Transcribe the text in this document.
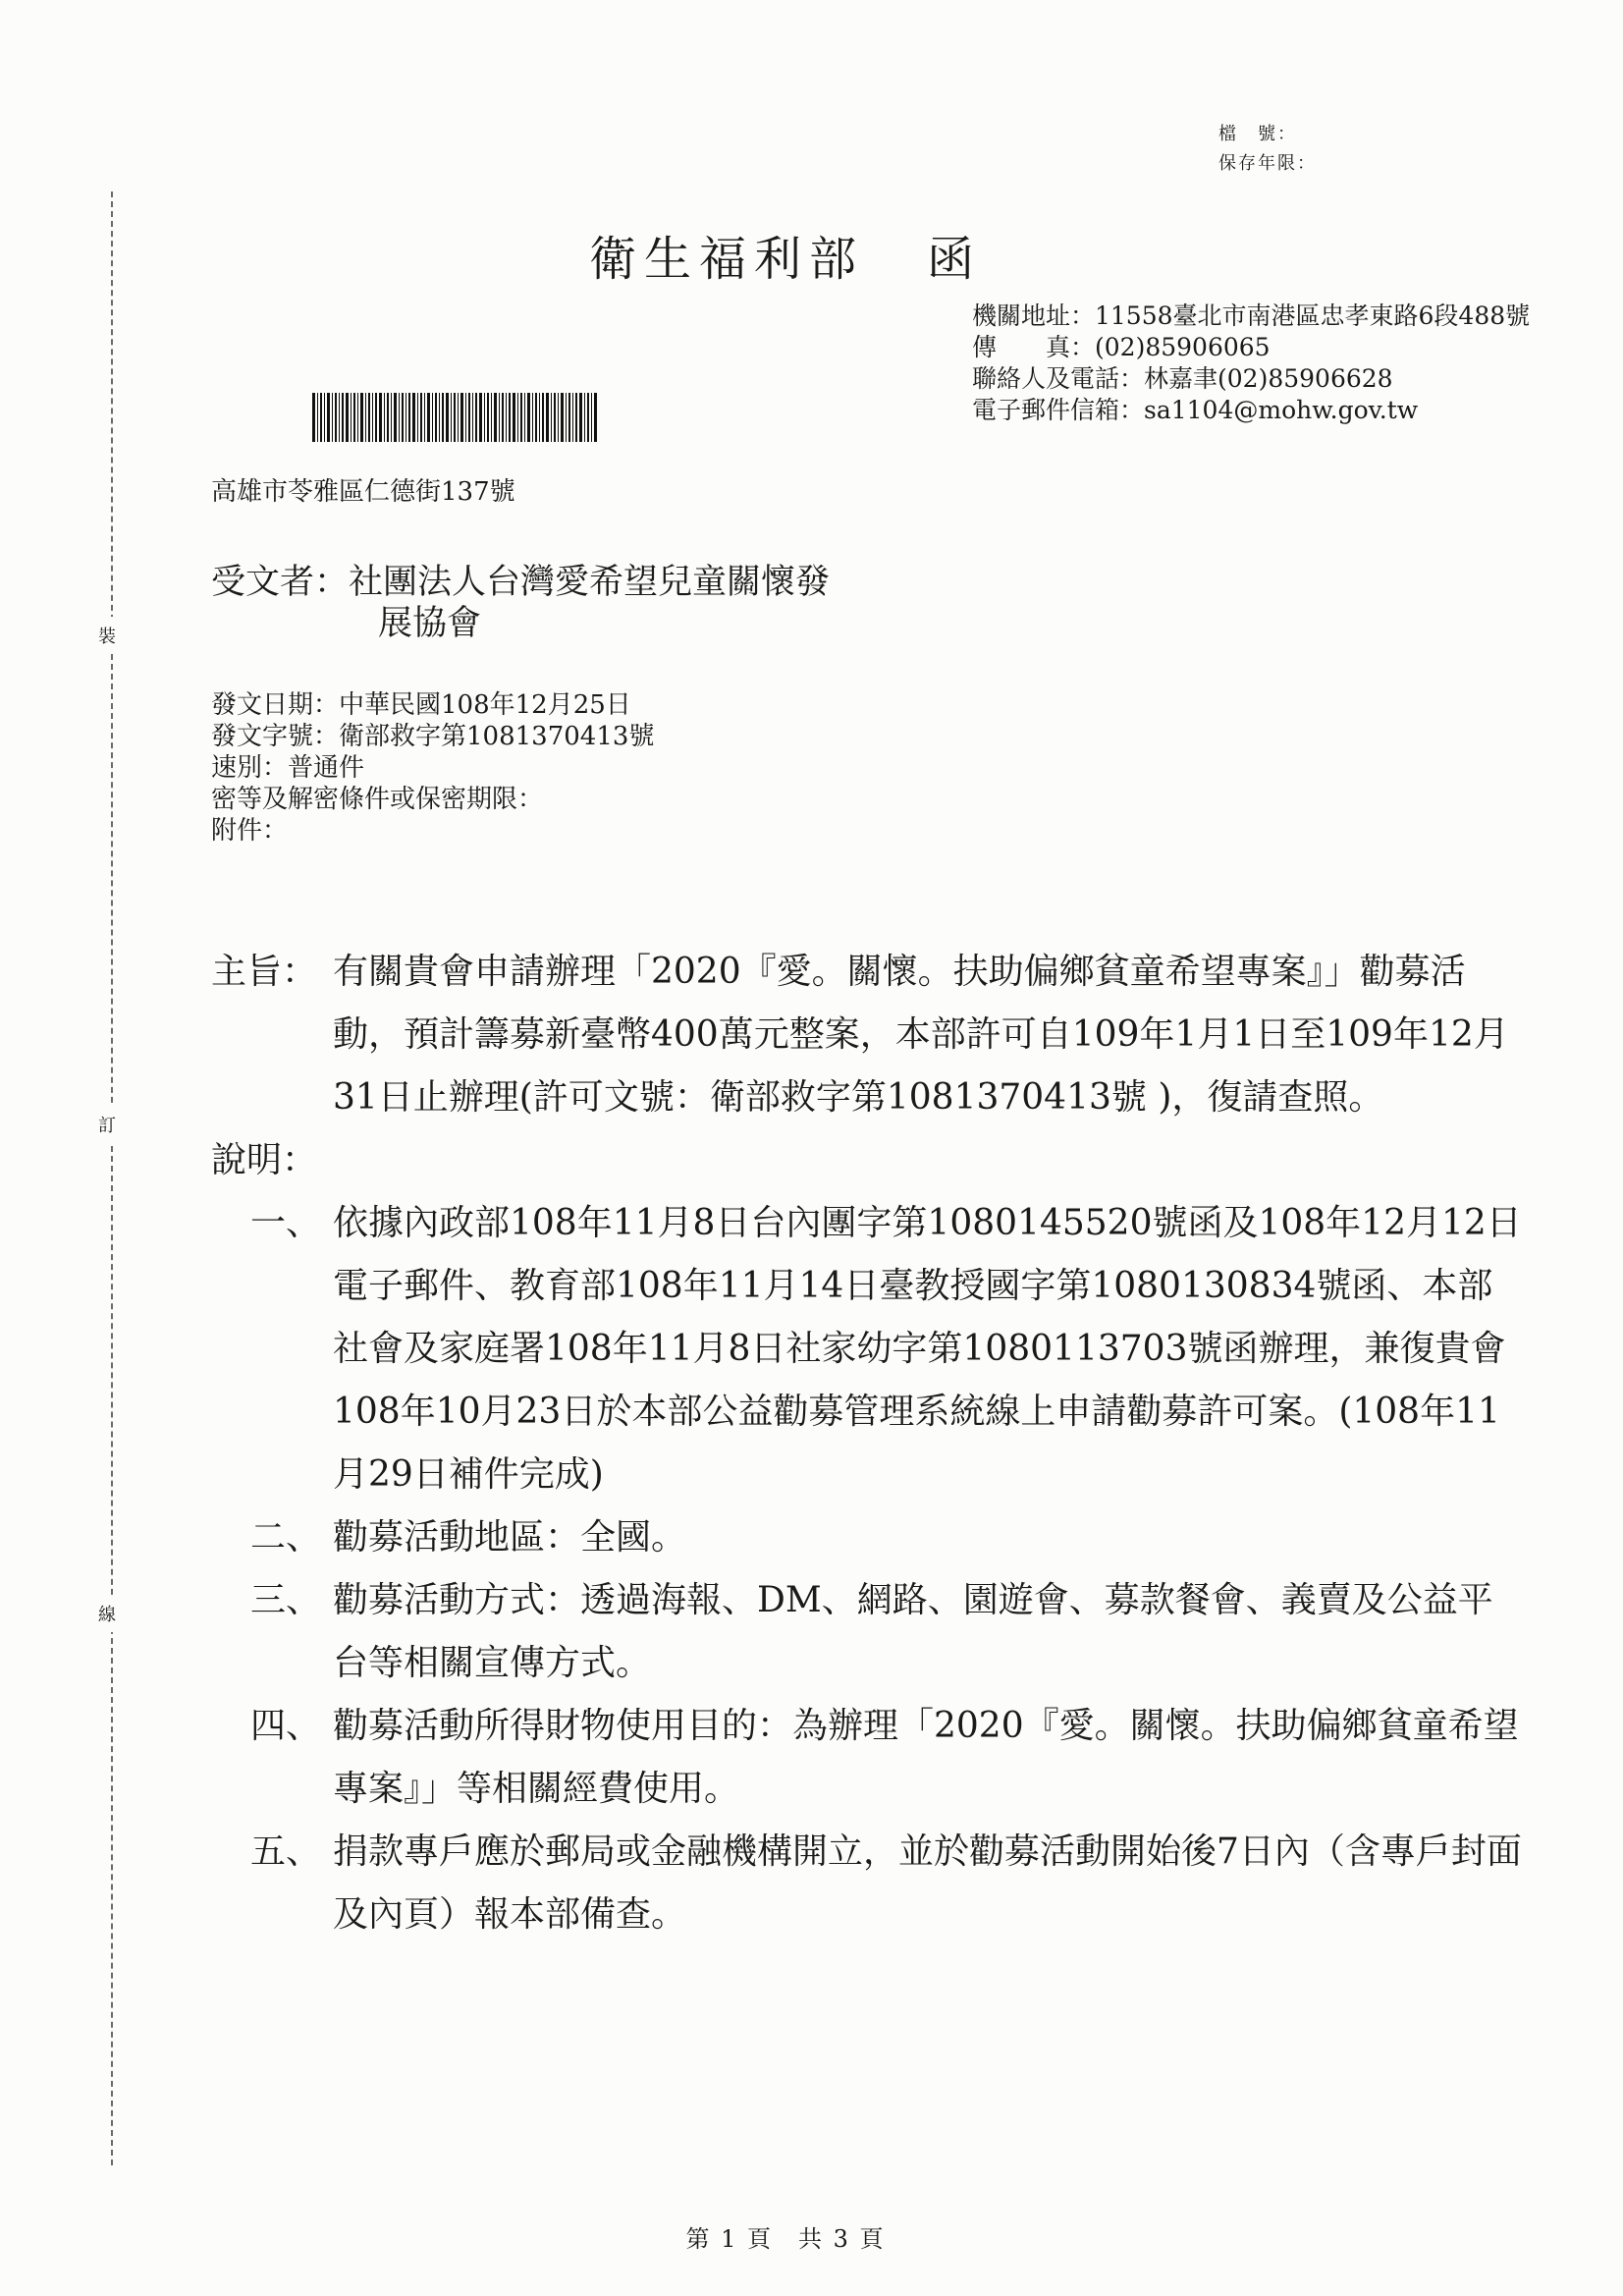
檔　號：
保存年限：
裝
訂
線
衛生福利部 函
機關地址：11558臺北市南港區忠孝東路6段488號
傳　　真：(02)85906065
聯絡人及電話：林嘉聿(02)85906628
電子郵件信箱：sa1104@mohw.gov.tw
高雄市苓雅區仁德街137號
受文者：社團法人台灣愛希望兒童關懷發
展協會
發文日期：中華民國108年12月25日
發文字號：衛部救字第1081370413號
速別：普通件
密等及解密條件或保密期限：
附件：
主旨： 有關貴會申請辦理「2020『愛。關懷。扶助偏鄉貧童希望專案』」勸募活動，預計籌募新臺幣400萬元整案，本部許可自109年1月1日至109年12月31日止辦理(許可文號：衛部救字第1081370413號 )，復請查照。
說明：
一、 依據內政部108年11月8日台內團字第1080145520號函及108年12月12日電子郵件、教育部108年11月14日臺教授國字第1080130834號函、本部社會及家庭署108年11月8日社家幼字第1080113703號函辦理，兼復貴會108年10月23日於本部公益勸募管理系統線上申請勸募許可案。(108年11月29日補件完成)
二、 勸募活動地區：全國。
三、 勸募活動方式：透過海報、DM、網路、園遊會、募款餐會、義賣及公益平台等相關宣傳方式。
四、 勸募活動所得財物使用目的：為辦理「2020『愛。關懷。扶助偏鄉貧童希望專案』」等相關經費使用。
五、 捐款專戶應於郵局或金融機構開立，並於勸募活動開始後7日內（含專戶封面及內頁）報本部備查。
第 1 頁　共 3 頁
